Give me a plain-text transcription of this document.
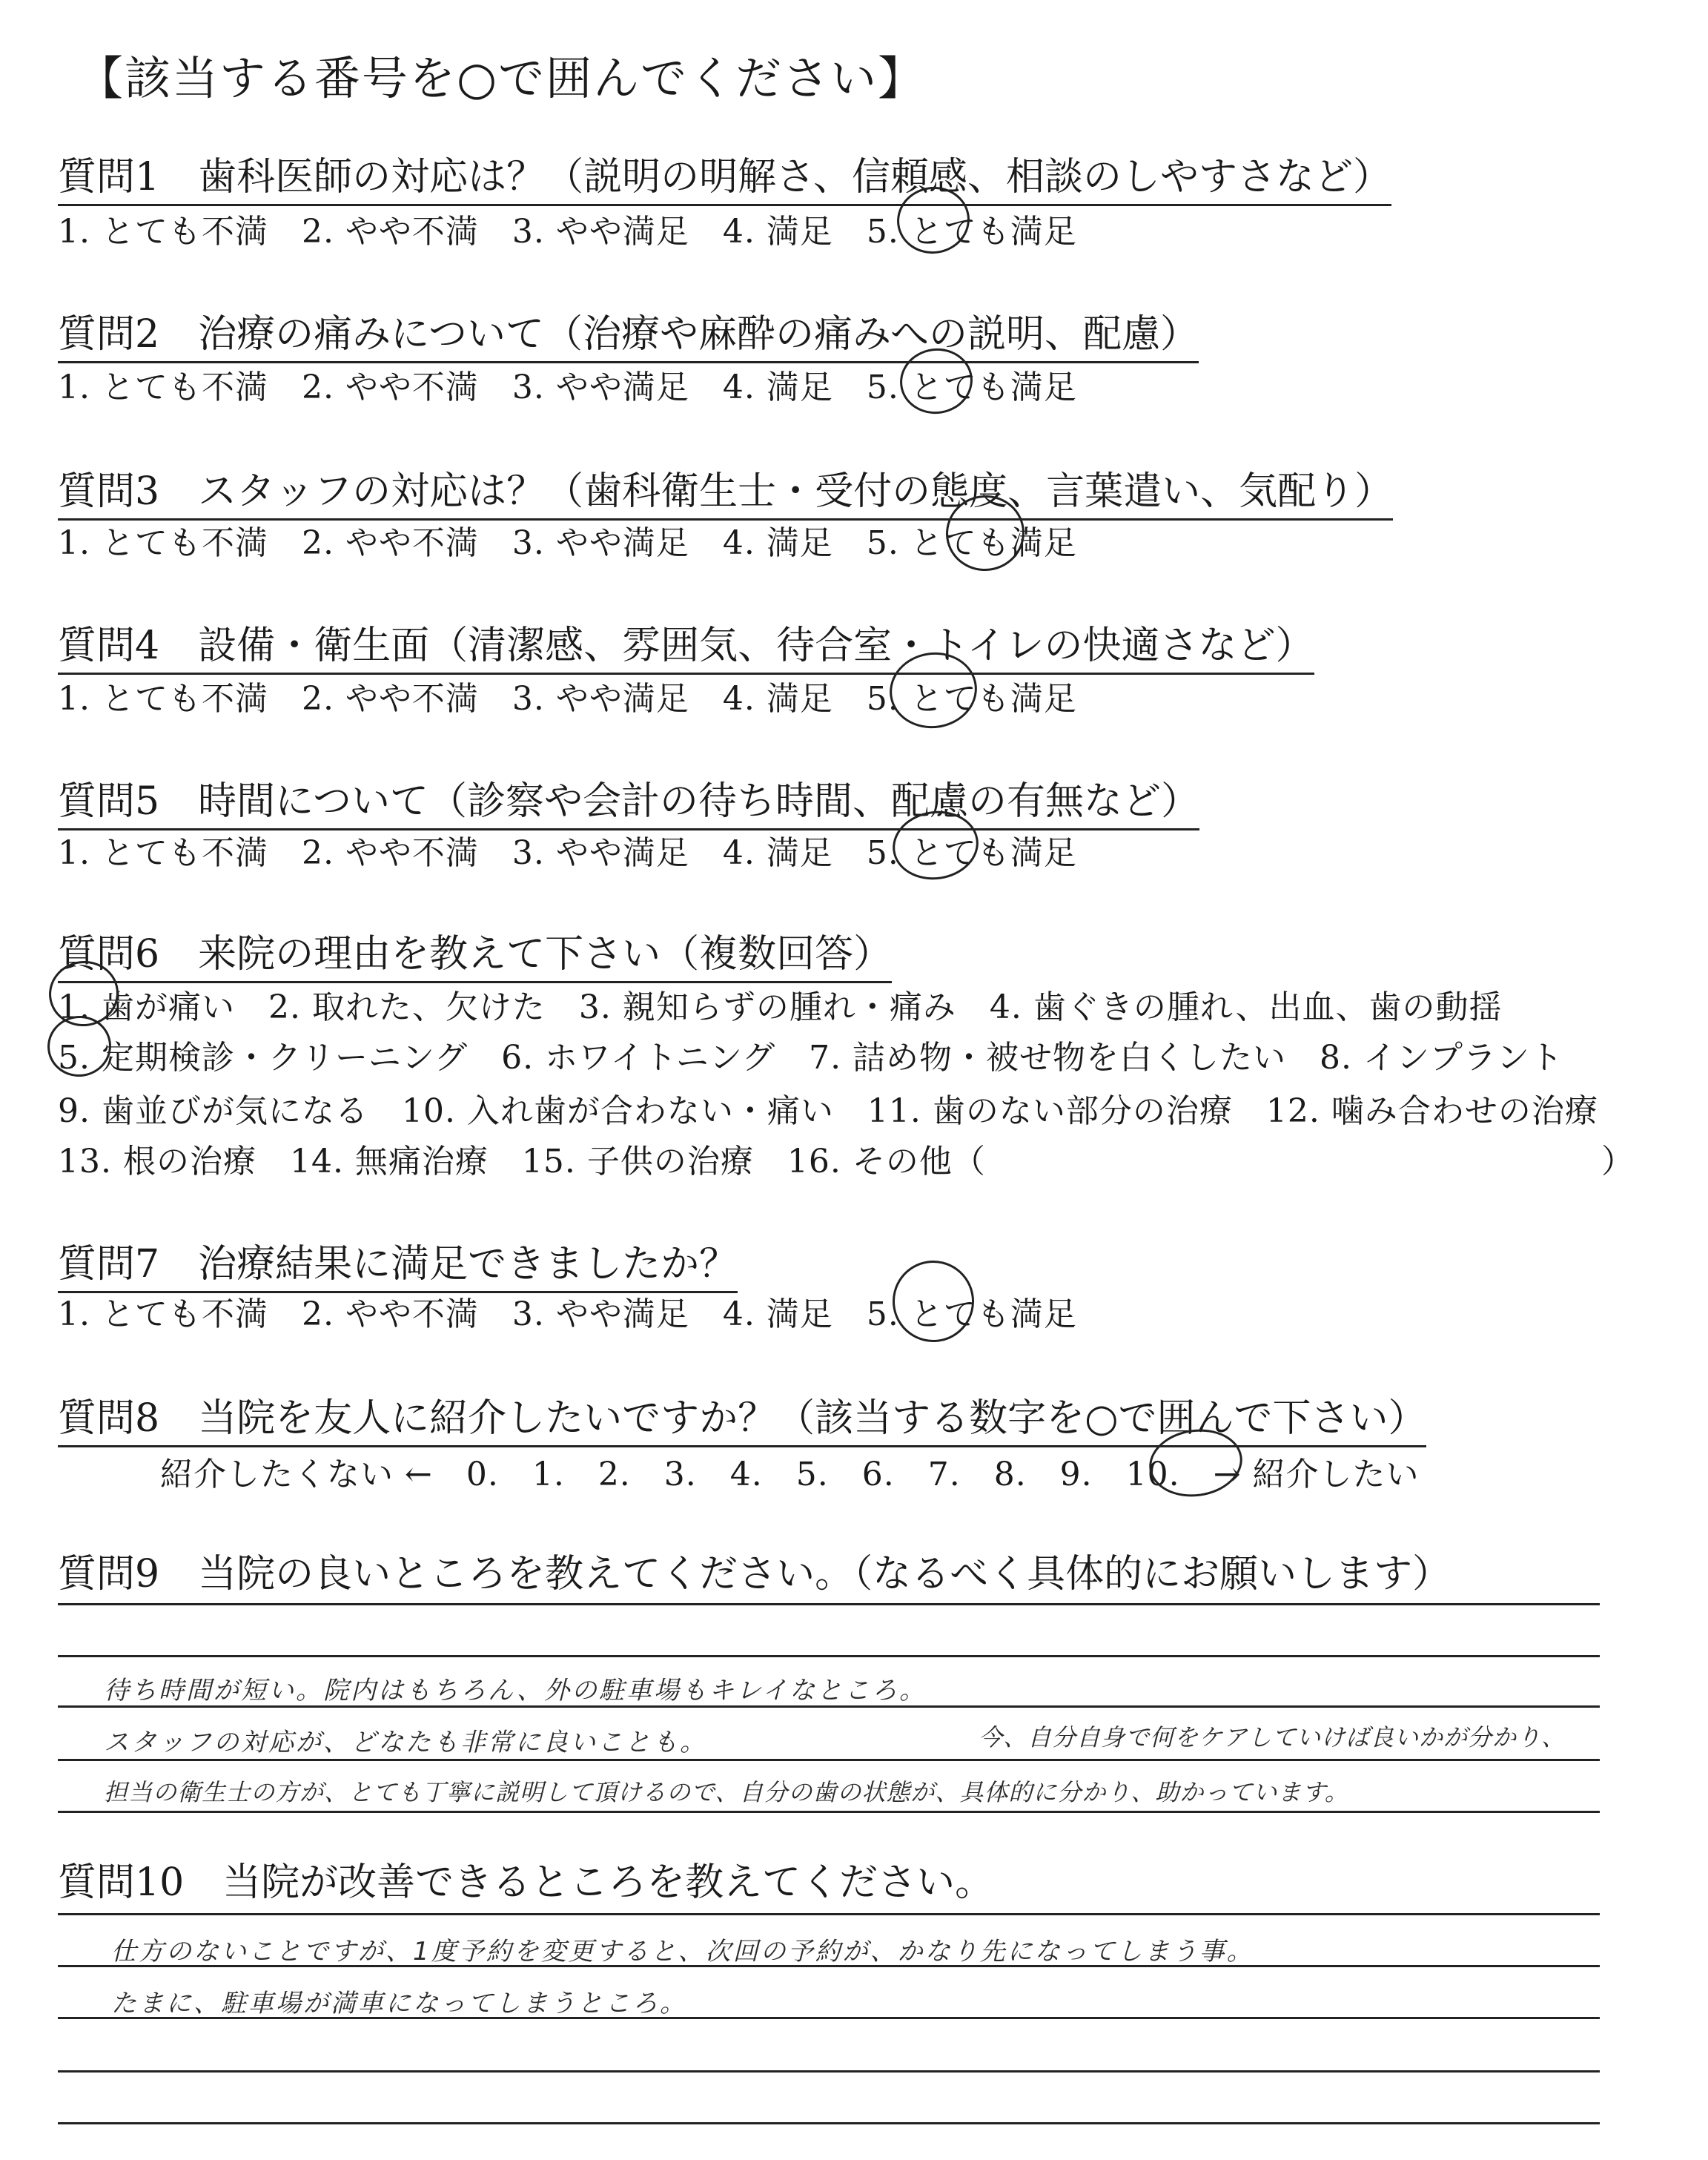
【該当する番号を○で囲んでください】
質問1　歯科医師の対応は？（説明の明解さ、信頼感、相談のしやすさなど）
1. とても不満　2. やや不満　3. やや満足　4. 満足　5. とても満足
質問2　治療の痛みについて（治療や麻酔の痛みへの説明、配慮）
1. とても不満　2. やや不満　3. やや満足　4. 満足　5. とても満足
質問3　スタッフの対応は？（歯科衛生士・受付の態度、言葉遣い、気配り）
1. とても不満　2. やや不満　3. やや満足　4. 満足　5. とても満足
質問4　設備・衛生面（清潔感、雰囲気、待合室・トイレの快適さなど）
1. とても不満　2. やや不満　3. やや満足　4. 満足　5. とても満足
質問5　時間について（診察や会計の待ち時間、配慮の有無など）
1. とても不満　2. やや不満　3. やや満足　4. 満足　5. とても満足
質問6　来院の理由を教えて下さい（複数回答）
1. 歯が痛い　2. 取れた、欠けた　3. 親知らずの腫れ・痛み　4. 歯ぐきの腫れ、出血、歯の動揺
5. 定期検診・クリーニング　6. ホワイトニング　7. 詰め物・被せ物を白くしたい　8. インプラント
9. 歯並びが気になる　10. 入れ歯が合わない・痛い　11. 歯のない部分の治療　12. 噛み合わせの治療
13. 根の治療　14. 無痛治療　15. 子供の治療　16. その他（	）
質問7　治療結果に満足できましたか？
1. とても不満　2. やや不満　3. やや満足　4. 満足　5. とても満足
質問8　当院を友人に紹介したいですか？（該当する数字を○で囲んで下さい）
紹介したくない ←　0.　1.　2.　3.　4.　5.　6.　7.　8.　9.　10.　→ 紹介したい
質問9　当院の良いところを教えてください。（なるべく具体的にお願いします）
待ち時間が短い。院内はもちろん、外の駐車場もキレイなところ。
スタッフの対応が、どなたも非常に良いことも。	今、自分自身で何をケアしていけば良いかが分かり、
担当の衛生士の方が、とても丁寧に説明して頂けるので、自分の歯の状態が、具体的に分かり、助かっています。
質問10　当院が改善できるところを教えてください。
仕方のないことですが、1度予約を変更すると、次回の予約が、かなり先になってしまう事。
たまに、駐車場が満車になってしまうところ。
